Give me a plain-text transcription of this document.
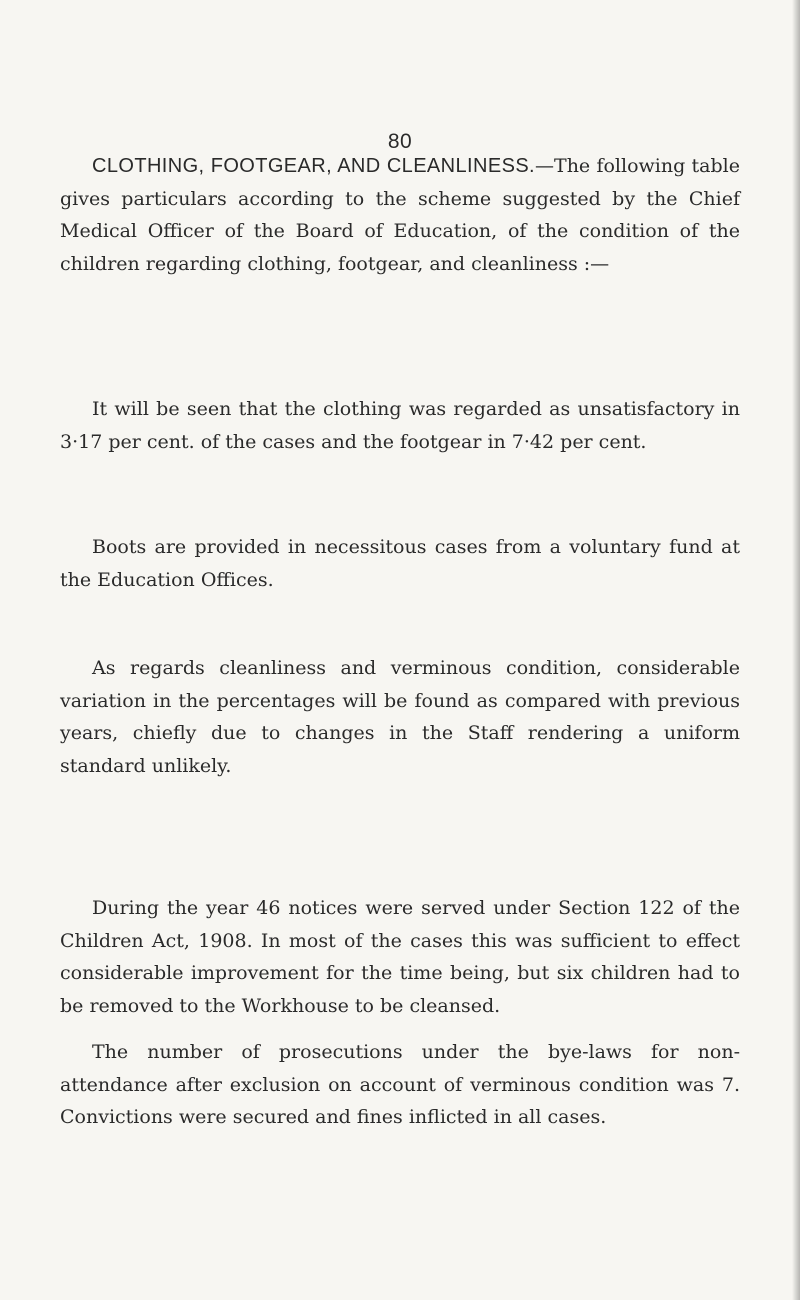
80

CLOTHING, FOOTGEAR, AND CLEANLINESS.—The following table gives particulars according to the scheme suggested by the Chief Medical Officer of the Board of Education, of the condition of the children regarding clothing, footgear, and cleanliness :—

It will be seen that the clothing was regarded as unsatisfactory in 3·17 per cent. of the cases and the footgear in 7·42 per cent.

Boots are provided in necessitous cases from a voluntary fund at the Education Offices.

As regards cleanliness and verminous condition, considerable variation in the percentages will be found as compared with previous years, chiefly due to changes in the Staff rendering a uniform standard unlikely.

During the year 46 notices were served under Section 122 of the Children Act, 1908. In most of the cases this was sufficient to effect considerable improvement for the time being, but six children had to be removed to the Workhouse to be cleansed.

The number of prosecutions under the bye-laws for non-attendance after exclusion on account of verminous condition was 7. Convictions were secured and fines inflicted in all cases.
